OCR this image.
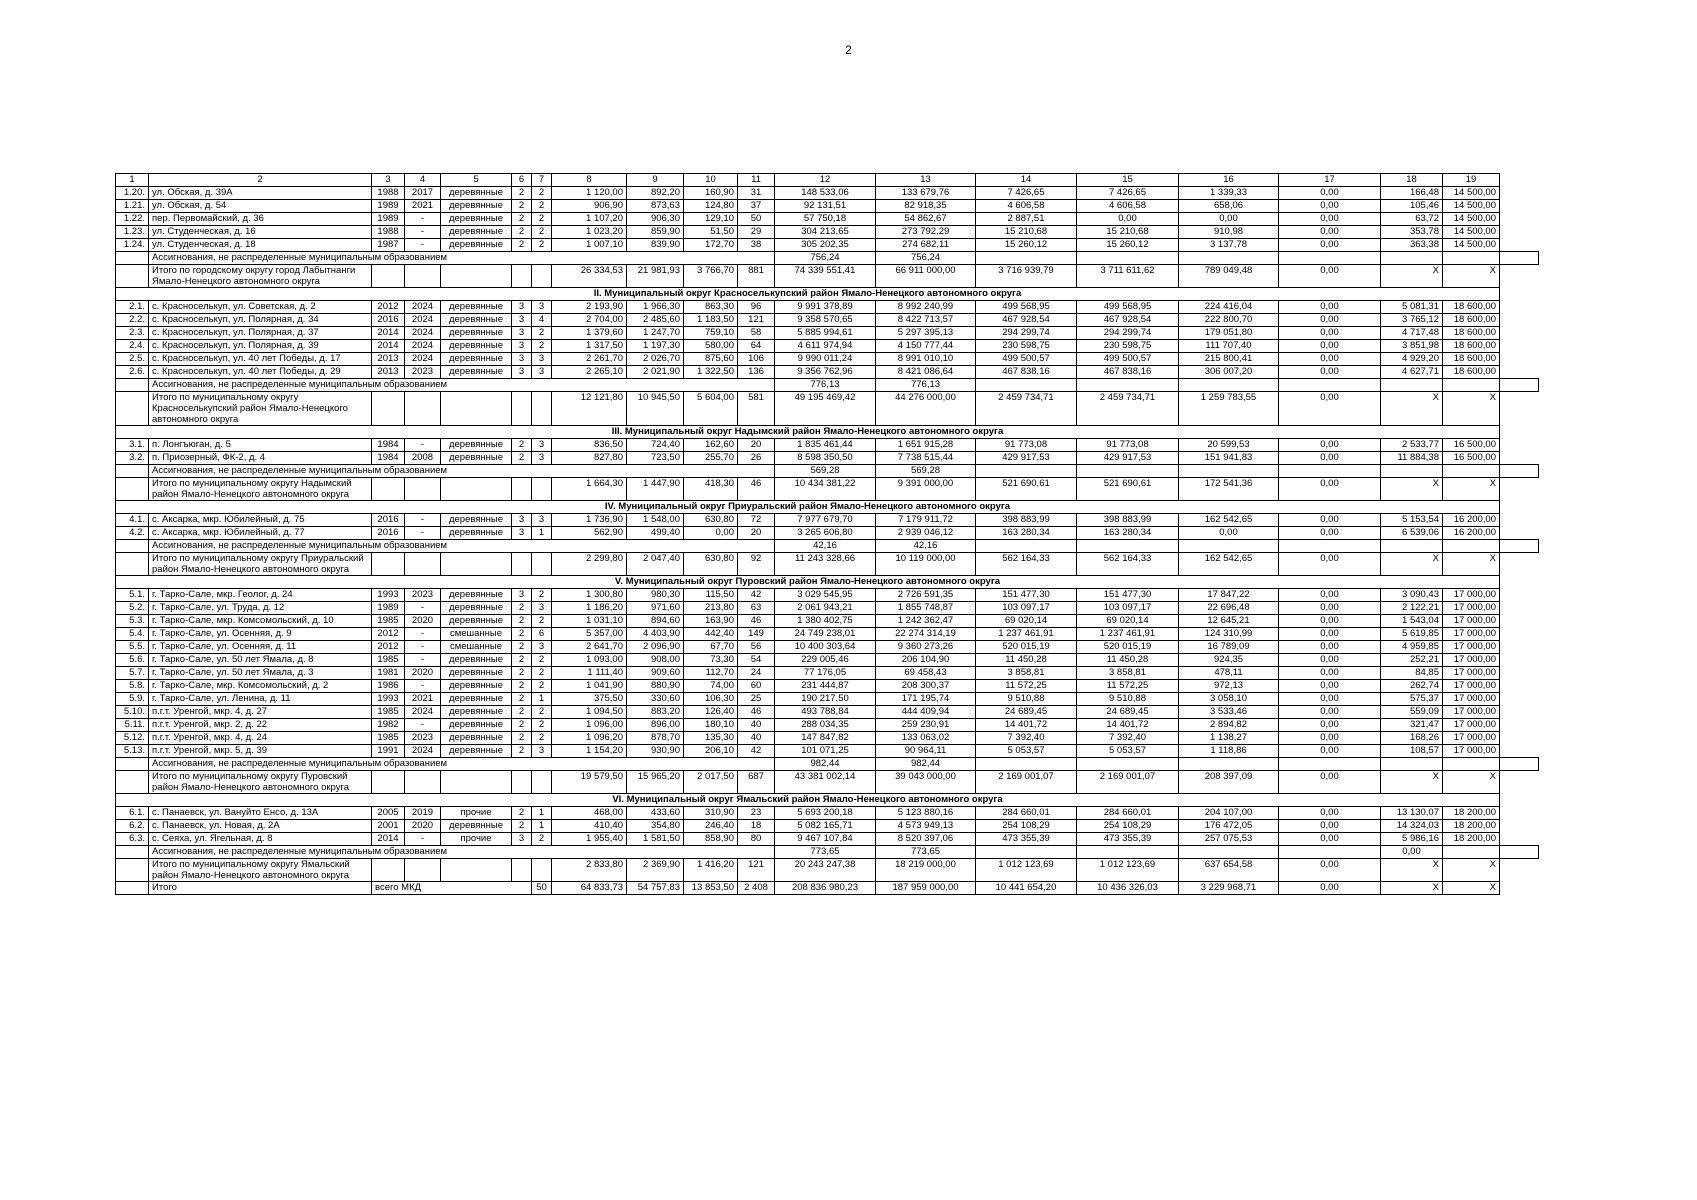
2
1	2	3	4	5	6	7	8	9	10	11	12	13	14	15	16	17	18	19	
1.20.	ул. Обская, д. 39А	1988	2017	деревянные	2	2	1 120,00	892,20	160,90	31	148 533,06	133 679,76	7 426,65	7 426,65	1 339,33	0,00	166,48	14 500,00	
1.21.	ул. Обская, д. 54	1989	2021	деревянные	2	2	906,90	873,63	124,80	37	92 131,51	82 918,35	4 606,58	4 606,58	658,06	0,00	105,46	14 500,00	
1.22.	пер. Первомайский, д. 36	1989	-	деревянные	2	2	1 107,20	906,30	129,10	50	57 750,18	54 862,67	2 887,51	0,00	0,00	0,00	63,72	14 500,00	
1.23.	ул. Студенческая, д. 16	1988	-	деревянные	2	2	1 023,20	859,90	51,50	29	304 213,65	273 792,29	15 210,68	15 210,68	910,98	0,00	353,78	14 500,00	
1.24.	ул. Студенческая, д. 18	1987	-	деревянные	2	2	1 007,10	839,90	172,70	38	305 202,35	274 682,11	15 260,12	15 260,12	3 137,78	0,00	363,38	14 500,00	
	Ассигнования, не распределенные муниципальным образованием										756,24	756,24							
	Итого по городскому округу город Лабытнанги Ямало-Ненецкого автономного округа						26 334,53	21 981,93	3 766,70	881	74 339 551,41	66 911 000,00	3 716 939,79	3 711 611,62	789 049,48	0,00	Х	Х	
II. Муниципальный округ Красноселькупский район Ямало-Ненецкого автономного округа																			
2.1.	с. Красноселькуп, ул. Советская, д. 2	2012	2024	деревянные	3	3	2 193,90	1 966,30	863,30	96	9 991 378,89	8 992 240,99	499 568,95	499 568,95	224 416,04	0,00	5 081,31	18 600,00	
2.2.	с. Красноселькуп, ул. Полярная, д. 34	2016	2024	деревянные	3	4	2 704,00	2 485,60	1 183,50	121	9 358 570,65	8 422 713,57	467 928,54	467 928,54	222 800,70	0,00	3 765,12	18 600,00	
2.3.	с. Красноселькуп, ул. Полярная, д. 37	2014	2024	деревянные	3	2	1 379,60	1 247,70	759,10	58	5 885 994,61	5 297 395,13	294 299,74	294 299,74	179 051,80	0,00	4 717,48	18 600,00	
2.4.	с. Красноселькуп, ул. Полярная, д. 39	2014	2024	деревянные	3	2	1 317,50	1 197,30	580,00	64	4 611 974,94	4 150 777,44	230 598,75	230 598,75	111 707,40	0,00	3 851,98	18 600,00	
2.5.	с. Красноселькуп, ул. 40 лет Победы, д. 17	2013	2024	деревянные	3	3	2 261,70	2 026,70	875,60	106	9 990 011,24	8 991 010,10	499 500,57	499 500,57	215 800,41	0,00	4 929,20	18 600,00	
2.6.	с. Красноселькуп, ул. 40 лет Победы, д. 29	2013	2023	деревянные	3	3	2 265,10	2 021,90	1 322,50	136	9 356 762,96	8 421 086,64	467 838,16	467 838,16	306 007,20	0,00	4 627,71	18 600,00	
	Ассигнования, не распределенные муниципальным образованием										776,13	776,13							
	Итого по муниципальному округу Красноселькупский район Ямало-Ненецкого автономного округа						12 121,80	10 945,50	5 604,00	581	49 195 469,42	44 276 000,00	2 459 734,71	2 459 734,71	1 259 783,55	0,00	Х	Х	
III. Муниципальный округ Надымский район Ямало-Ненецкого автономного округа																			
3.1.	п. Лонгъюган, д. 5	1984	-	деревянные	2	3	836,50	724,40	162,60	20	1 835 461,44	1 651 915,28	91 773,08	91 773,08	20 599,53	0,00	2 533,77	16 500,00	
3.2.	п. Приозерный, ФК-2, д. 4	1984	2008	деревянные	2	3	827,80	723,50	255,70	26	8 598 350,50	7 738 515,44	429 917,53	429 917,53	151 941,83	0,00	11 884,38	16 500,00	
	Ассигнования, не распределенные муниципальным образованием										569,28	569,28							
	Итого по муниципальному округу Надымский район Ямало-Ненецкого автономного округа						1 664,30	1 447,90	418,30	46	10 434 381,22	9 391 000,00	521 690,61	521 690,61	172 541,36	0,00	Х	Х	
IV. Муниципальный округ Приуральский район Ямало-Ненецкого автономного округа																			
4.1.	с. Аксарка, мкр. Юбилейный, д. 75	2016	-	деревянные	3	3	1 736,90	1 548,00	630,80	72	7 977 679,70	7 179 911,72	398 883,99	398 883,99	162 542,65	0,00	5 153,54	16 200,00	
4.2.	с. Аксарка, мкр. Юбилейный, д. 77	2016	-	деревянные	3	1	562,90	499,40	0,00	20	3 265 606,80	2 939 046,12	163 280,34	163 280,34	0,00	0,00	6 539,06	16 200,00	
	Ассигнования, не распределенные муниципальным образованием										42,16	42,16							
	Итого по муниципальному округу Приуральский район Ямало-Ненецкого автономного округа						2 299,80	2 047,40	630,80	92	11 243 328,66	10 119 000,00	562 164,33	562 164,33	162 542,65	0,00	Х	Х	
V. Муниципальный округ Пуровский район Ямало-Ненецкого автономного округа																			
5.1.	г. Тарко-Сале, мкр. Геолог, д. 24	1993	2023	деревянные	3	2	1 300,80	980,30	115,50	42	3 029 545,95	2 726 591,35	151 477,30	151 477,30	17 847,22	0,00	3 090,43	17 000,00	
5.2.	г. Тарко-Сале, ул. Труда, д. 12	1989	-	деревянные	2	3	1 186,20	971,60	213,80	63	2 061 943,21	1 855 748,87	103 097,17	103 097,17	22 696,48	0,00	2 122,21	17 000,00	
5.3.	г. Тарко-Сале, мкр. Комсомольский, д. 10	1985	2020	деревянные	2	2	1 031,10	894,60	163,90	46	1 380 402,75	1 242 362,47	69 020,14	69 020,14	12 645,21	0,00	1 543,04	17 000,00	
5.4.	г. Тарко-Сале, ул. Осенняя, д. 9	2012	-	смешанные	2	6	5 357,00	4 403,90	442,40	149	24 749 238,01	22 274 314,19	1 237 461,91	1 237 461,91	124 310,99	0,00	5 619,85	17 000,00	
5.5.	г. Тарко-Сале, ул. Осенняя, д. 11	2012	-	смешанные	2	3	2 641,70	2 096,90	67,70	56	10 400 303,64	9 360 273,26	520 015,19	520 015,19	16 789,09	0,00	4 959,85	17 000,00	
5.6.	г. Тарко-Сале, ул. 50 лет Ямала, д. 8	1985	-	деревянные	2	2	1 093,00	908,00	73,30	54	229 005,46	206 104,90	11 450,28	11 450,28	924,35	0,00	252,21	17 000,00	
5.7.	г. Тарко-Сале, ул. 50 лет Ямала, д. 3	1981	2020	деревянные	2	2	1 111,40	909,60	112,70	24	77 176,05	69 458,43	3 858,81	3 858,81	478,11	0,00	84,85	17 000,00	
5.8.	г. Тарко-Сале, мкр. Комсомольский, д. 2	1986	-	деревянные	2	2	1 041,90	880,90	74,00	60	231 444,87	208 300,37	11 572,25	11 572,25	972,13	0,00	262,74	17 000,00	
5.9.	г. Тарко-Сале, ул. Ленина, д. 11	1993	2021	деревянные	2	1	375,50	330,60	106,30	25	190 217,50	171 195,74	9 510,88	9 510,88	3 058,10	0,00	575,37	17 000,00	
5.10.	п.г.т. Уренгой, мкр. 4, д. 27	1985	2024	деревянные	2	2	1 094,50	883,20	126,40	46	493 788,84	444 409,94	24 689,45	24 689,45	3 533,46	0,00	559,09	17 000,00	
5.11.	п.г.т. Уренгой, мкр. 2, д. 22	1982	-	деревянные	2	2	1 096,00	896,00	180,10	40	288 034,35	259 230,91	14 401,72	14 401,72	2 894,82	0,00	321,47	17 000,00	
5.12.	п.г.т. Уренгой, мкр. 4, д. 24	1985	2023	деревянные	2	2	1 096,20	878,70	135,30	40	147 847,82	133 063,02	7 392,40	7 392,40	1 138,27	0,00	168,26	17 000,00	
5.13.	п.г.т. Уренгой, мкр. 5, д. 39	1991	2024	деревянные	2	3	1 154,20	930,90	206,10	42	101 071,25	90 964,11	5 053,57	5 053,57	1 118,86	0,00	108,57	17 000,00	
	Ассигнования, не распределенные муниципальным образованием										982,44	982,44							
	Итого по муниципальному округу Пуровский район Ямало-Ненецкого автономного округа						19 579,50	15 965,20	2 017,50	687	43 381 002,14	39 043 000,00	2 169 001,07	2 169 001,07	208 397,09	0,00	Х	Х	
VI. Муниципальный округ Ямальский район Ямало-Ненецкого автономного округа																			
6.1.	с. Панаевск, ул. Вануйто Енсо, д. 13А	2005	2019	прочие	2	1	468,00	433,60	310,90	23	5 693 200,18	5 123 880,16	284 660,01	284 660,01	204 107,00	0,00	13 130,07	18 200,00	
6.2.	с. Панаевск, ул. Новая, д. 2А	2001	2020	деревянные	2	1	410,40	354,80	246,40	18	5 082 165,71	4 573 949,13	254 108,29	254 108,29	176 472,05	0,00	14 324,03	18 200,00	
6.3.	с. Сеяха, ул. Ягельная, д. 8	2014	-	прочие	3	2	1 955,40	1 581,50	858,90	80	9 467 107,84	8 520 397,06	473 355,39	473 355,39	257 075,53	0,00	5 986,16	18 200,00	
	Ассигнования, не распределенные муниципальным образованием										773,65	773,65					0,00		
	Итого по муниципальному округу Ямальский район Ямало-Ненецкого автономного округа						2 833,80	2 369,90	1 416,20	121	20 243 247,38	18 219 000,00	1 012 123,69	1 012 123,69	637 654,58	0,00	Х	Х	
	Итого	всего МКД				50	64 833,73	54 757,83	13 853,50	2 408	208 836 980,23	187 959 000,00	10 441 654,20	10 436 326,03	3 229 968,71	0,00	Х	Х	
